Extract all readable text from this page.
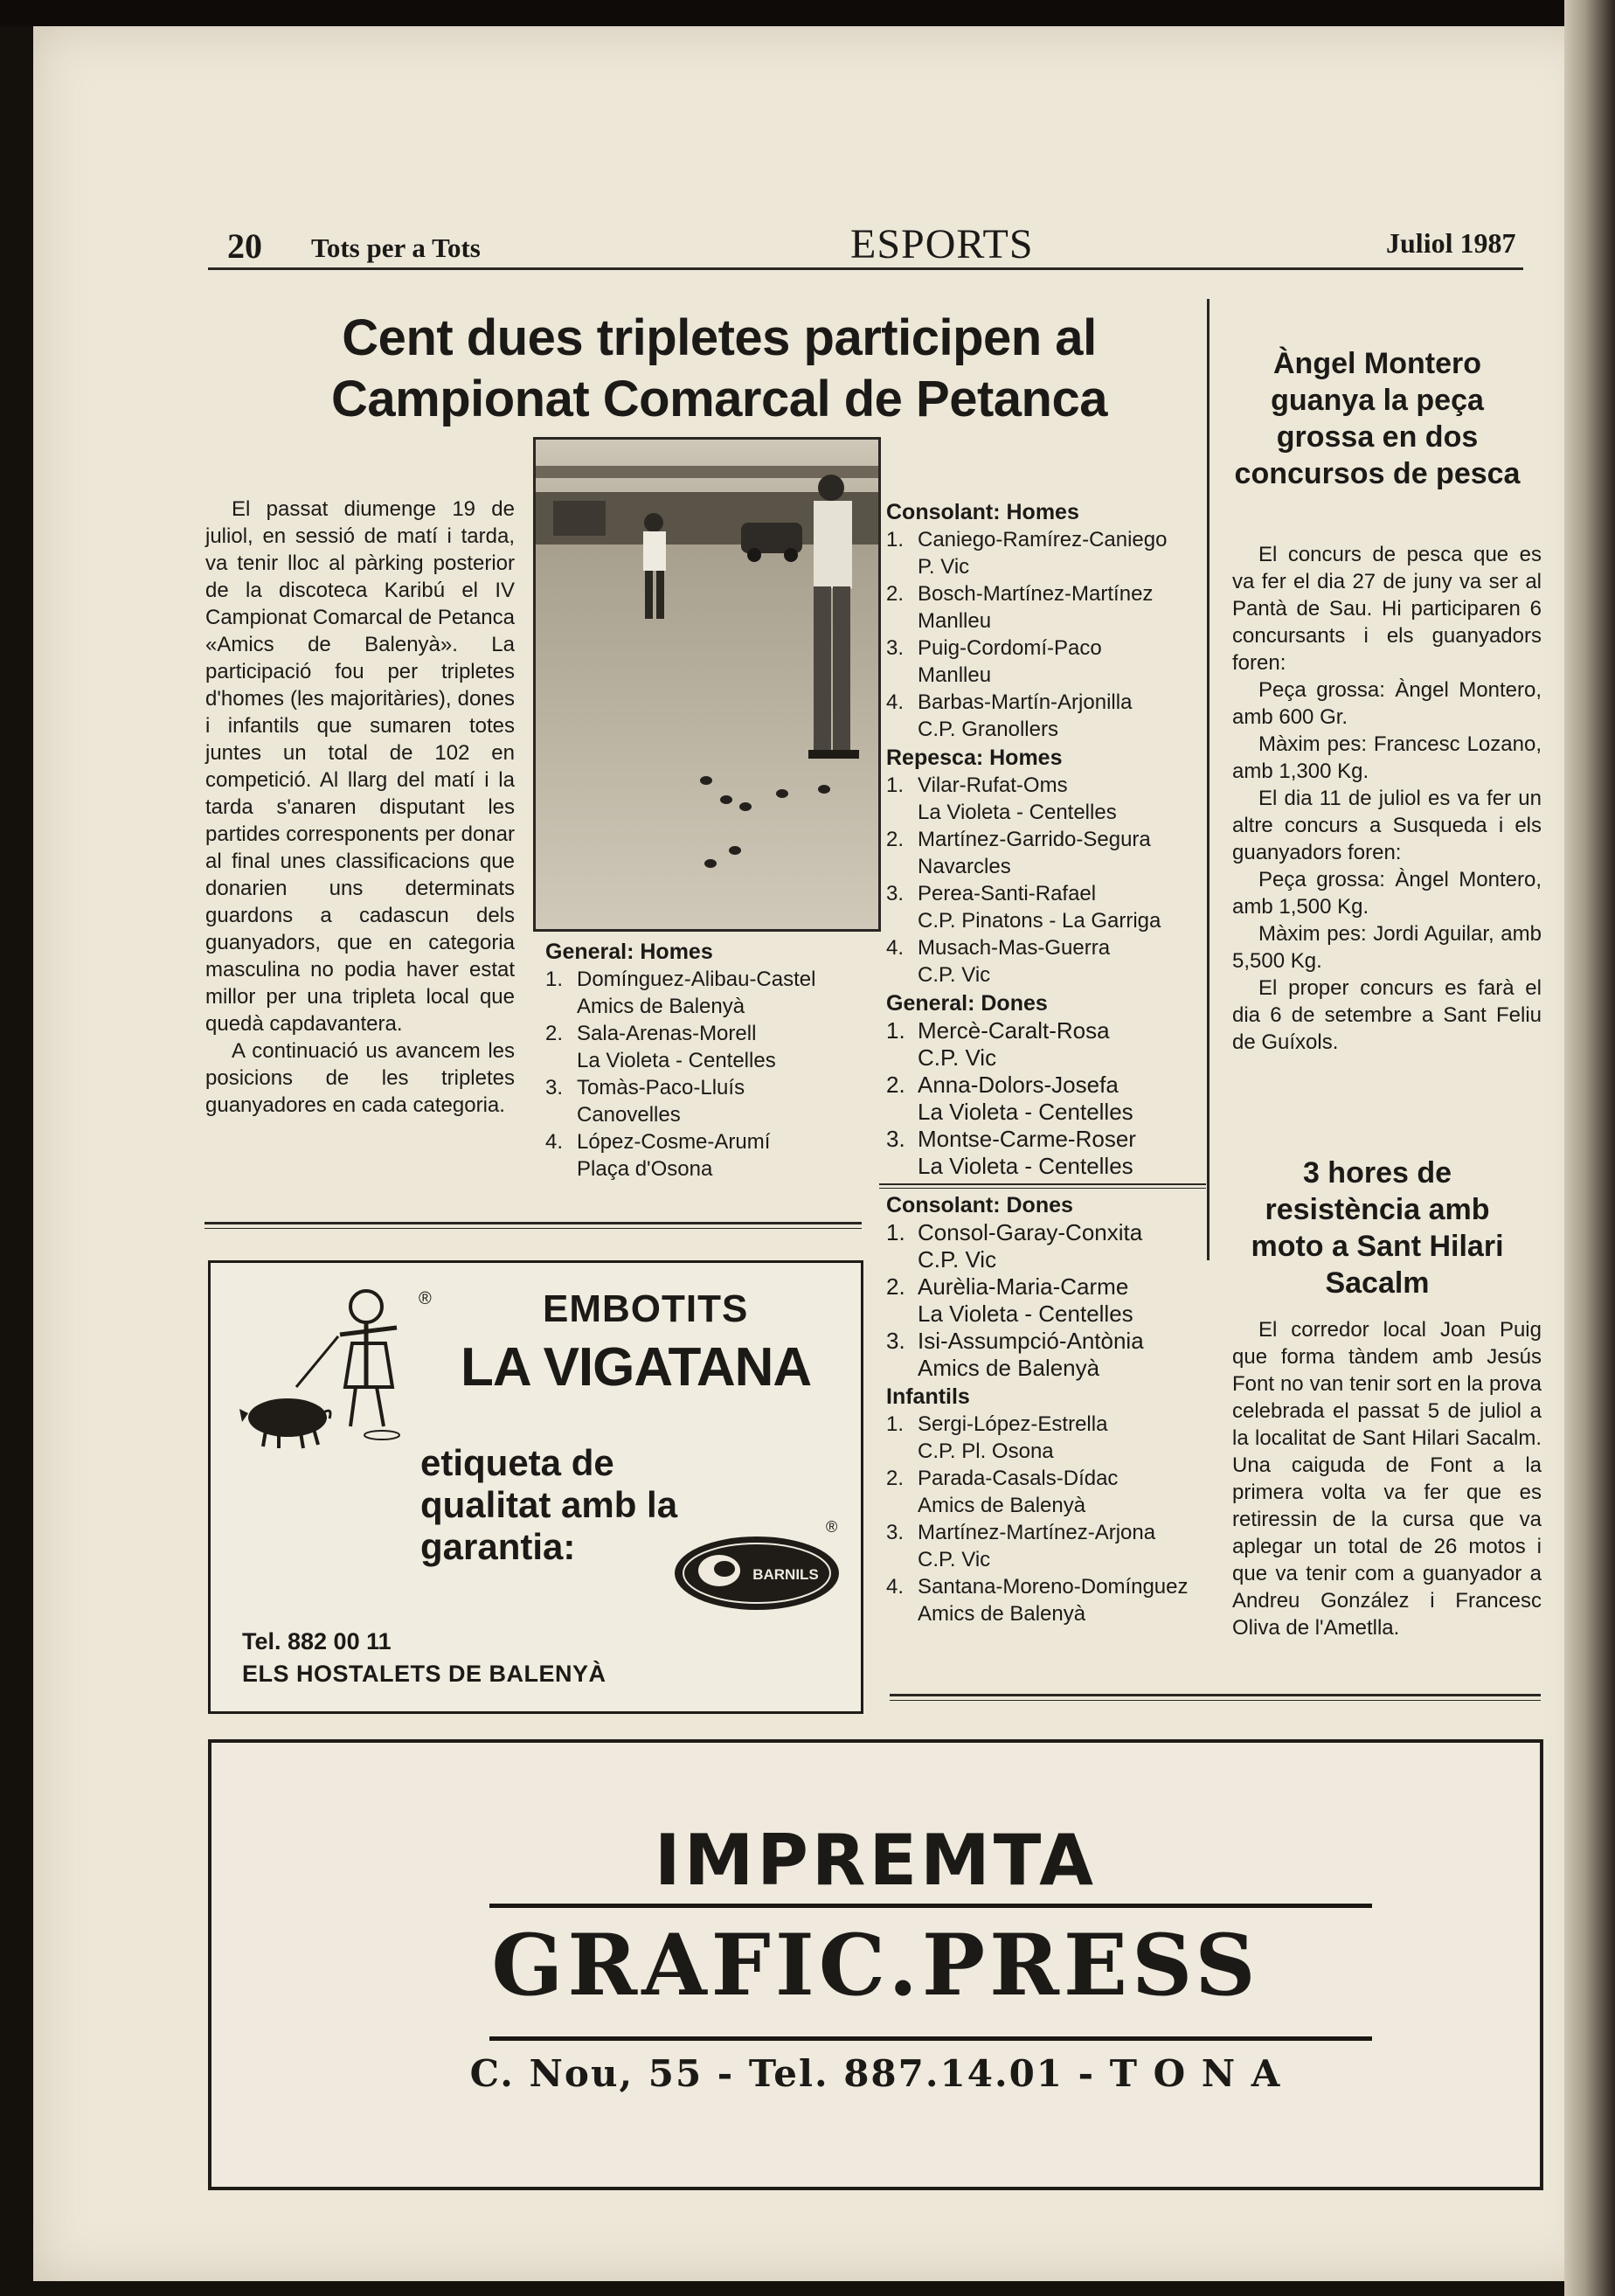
20 Tots per a Tots	ESPORTS	Juliol 1987
Cent dues tripletes participen al
Campionat Comarcal de Petanca

El passat diumenge 19 de juliol, en sessió de matí i tarda, va tenir lloc al pàrking posterior de la discoteca Karibú el IV Campionat Comarcal de Petanca «Amics de Balenyà». La participació fou per tripletes d'homes (les majoritàries), dones i infantils que sumaren totes juntes un total de 102 en competició. Al llarg del matí i la tarda s'anaren disputant les partides corresponents per donar al final unes classificacions que donarien uns determinats guardons a cadascun dels guanyadors, que en categoria masculina no podia haver estat millor per una tripleta local que quedà capdavantera.

A continuació us avancem les posicions de les tripletes guanyadores en cada categoria.

General: Homes

1. Domínguez-Alibau-Castel
Amics de Balenyà
2. Sala-Arenas-Morell
La Violeta - Centelles
3. Tomàs-Paco-Lluís
Canovelles
4. López-Cosme-Arumí
Plaça d'Osona

Consolant: Homes

1. Caniego-Ramírez-Caniego
P. Vic
2. Bosch-Martínez-Martínez
Manlleu
3. Puig-Cordomí-Paco
Manlleu
4. Barbas-Martín-Arjonilla
C.P. Granollers

Repesca: Homes

1. Vilar-Rufat-Oms
La Violeta - Centelles
2. Martínez-Garrido-Segura
Navarcles
3. Perea-Santi-Rafael
C.P. Pinatons - La Garriga
4. Musach-Mas-Guerra
C.P. Vic

General: Dones

1. Mercè-Caralt-Rosa
C.P. Vic
2. Anna-Dolors-Josefa
La Violeta - Centelles
3. Montse-Carme-Roser
La Violeta - Centelles

Consolant: Dones

1. Consol-Garay-Conxita
C.P. Vic
2. Aurèlia-Maria-Carme
La Violeta - Centelles
3. Isi-Assumpció-Antònia
Amics de Balenyà

Infantils

1. Sergi-López-Estrella
C.P. Pl. Osona
2. Parada-Casals-Dídac
Amics de Balenyà
3. Martínez-Martínez-Arjona
C.P. Vic
4. Santana-Moreno-Domínguez
Amics de Balenyà
®	EMBOTITS
LA VIGATANA
etiqueta de qualitat amb la garantia:	®
BARNILS
Tel. 882 00 11
ELS HOSTALETS DE BALENYÀ
Àngel Montero guanya la peça grossa en dos concursos de pesca

El concurs de pesca que es va fer el dia 27 de juny va ser al Pantà de Sau. Hi participaren 6 concursants i els guanyadors foren:

Peça grossa: Àngel Montero, amb 600 Gr.

Màxim pes: Francesc Lozano, amb 1,300 Kg.

El dia 11 de juliol es va fer un altre concurs a Susqueda i els guanyadors foren:

Peça grossa: Àngel Montero, amb 1,500 Kg.

Màxim pes: Jordi Aguilar, amb 5,500 Kg.

El proper concurs es farà el dia 6 de setembre a Sant Feliu de Guíxols.

3 hores de resistència amb moto a Sant Hilari Sacalm

El corredor local Joan Puig que forma tàndem amb Jesús Font no van tenir sort en la prova celebrada el passat 5 de juliol a la localitat de Sant Hilari Sacalm. Una caiguda de Font a la primera volta va fer que es retiressin de la cursa que va aplegar un total de 26 motos i que va tenir com a guanyador a Andreu González i Francesc Oliva de l'Ametlla.

IMPREMTA
GRAFIC.PRESS
C. Nou, 55 - Tel. 887.14.01 - T O N A
